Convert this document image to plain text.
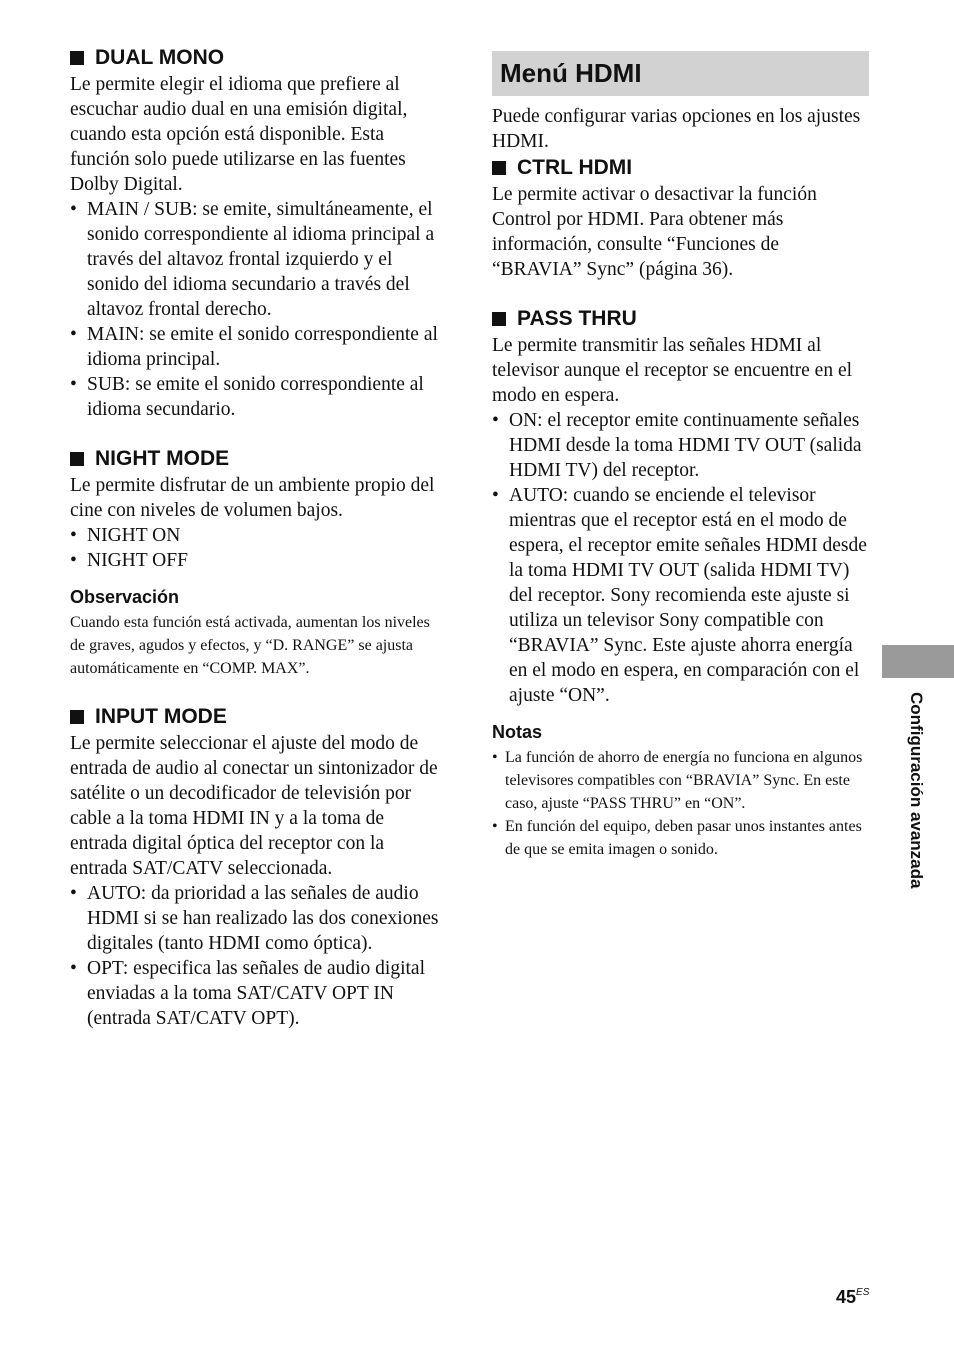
DUAL MONO

Le permite elegir el idioma que prefiere al escuchar audio dual en una emisión digital, cuando esta opción está disponible. Esta función solo puede utilizarse en las fuentes Dolby Digital.

• MAIN / SUB: se emite, simultáneamente, el sonido correspondiente al idioma principal a través del altavoz frontal izquierdo y el sonido del idioma secundario a través del altavoz frontal derecho.
• MAIN: se emite el sonido correspondiente al idioma principal.
• SUB: se emite el sonido correspondiente al idioma secundario.
NIGHT MODE

Le permite disfrutar de un ambiente propio del cine con niveles de volumen bajos.

• NIGHT ON
• NIGHT OFF
Observación

Cuando esta función está activada, aumentan los niveles de graves, agudos y efectos, y “D. RANGE” se ajusta automáticamente en “COMP. MAX”.

INPUT MODE

Le permite seleccionar el ajuste del modo de entrada de audio al conectar un sintonizador de satélite o un decodificador de televisión por cable a la toma HDMI IN y a la toma de entrada digital óptica del receptor con la entrada SAT/CATV seleccionada.

• AUTO: da prioridad a las señales de audio HDMI si se han realizado las dos conexiones digitales (tanto HDMI como óptica).
• OPT: especifica las señales de audio digital enviadas a la toma SAT/CATV OPT IN (entrada SAT/CATV OPT).
Menú HDMI

Puede configurar varias opciones en los ajustes HDMI.

CTRL HDMI

Le permite activar o desactivar la función Control por HDMI. Para obtener más información, consulte “Funciones de “BRAVIA” Sync” (página 36).

PASS THRU

Le permite transmitir las señales HDMI al televisor aunque el receptor se encuentre en el modo en espera.

• ON: el receptor emite continuamente señales HDMI desde la toma HDMI TV OUT (salida HDMI TV) del receptor.
• AUTO: cuando se enciende el televisor mientras que el receptor está en el modo de espera, el receptor emite señales HDMI desde la toma HDMI TV OUT (salida HDMI TV) del receptor. Sony recomienda este ajuste si utiliza un televisor Sony compatible con “BRAVIA” Sync. Este ajuste ahorra energía en el modo en espera, en comparación con el ajuste “ON”.
Notas
• La función de ahorro de energía no funciona en algunos televisores compatibles con “BRAVIA” Sync. En este caso, ajuste “PASS THRU” en “ON”.
• En función del equipo, deben pasar unos instantes antes de que se emita imagen o sonido.	Configuración avanzada
$45^{ES}$
